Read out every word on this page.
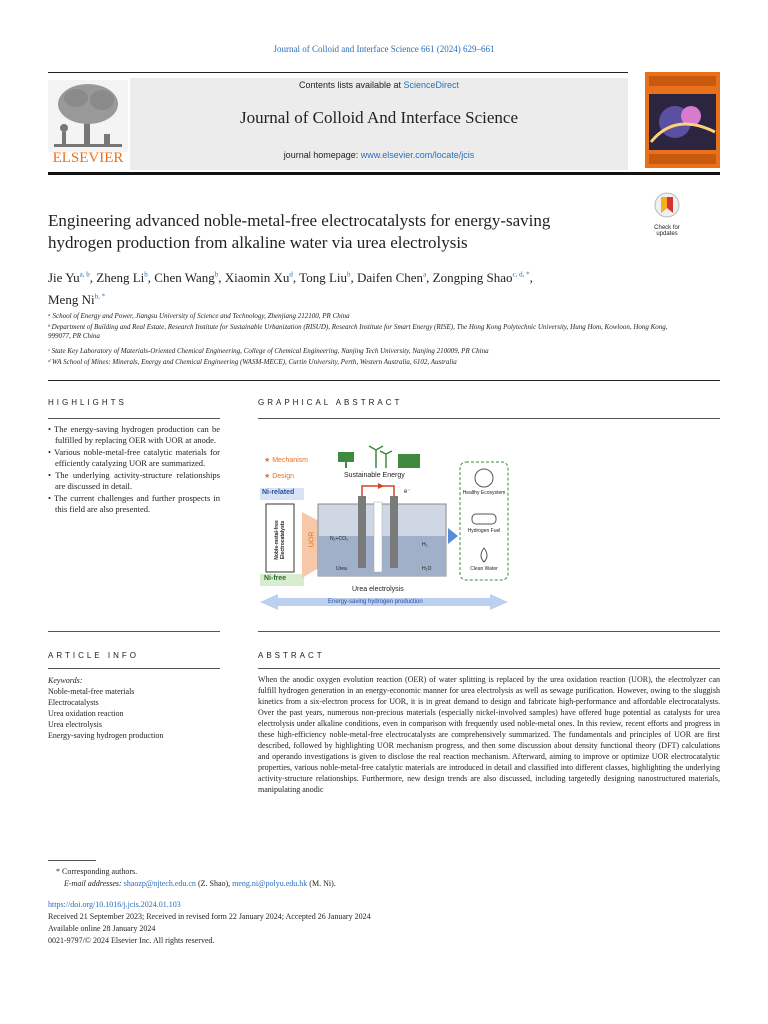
Journal of Colloid and Interface Science 661 (2024) 629–661
ELSEVIER
Contents lists available at ScienceDirect
Journal of Colloid And Interface Science
journal homepage: www.elsevier.com/locate/jcis
Engineering advanced noble-metal-free electrocatalysts for energy-saving hydrogen production from alkaline water via urea electrolysis
Check for updates
Jie Yu$^{a, b}$, Zheng Li$^b$, Chen Wang$^b$, Xiaomin Xu$^d$, Tong Liu$^b$, Daifen Chen$^a$, Zongping Shao$^{c, d, *}$,
Meng $Ni^{b, *}$
ᵃ School of Energy and Power, Jiangsu University of Science and Technology, Zhenjiang 212100, PR China
ᵇ Department of Building and Real Estate, Research Institute for Sustainable Urbanization (RISUD), Research Institute for Smart Energy (RISE), The Hong Kong Polytechnic University, Hung Hom, Kowloon, Hong Kong, 999077, PR China
ᶜ State Key Laboratory of Materials-Oriented Chemical Engineering, College of Chemical Engineering, Nanjing Tech University, Nanjing 210009, PR China
ᵈ WA School of Mines: Minerals, Energy and Chemical Engineering (WASM-MECE), Curtin University, Perth, Western Australia, 6102, Australia
HIGHLIGHTS

• The energy-saving hydrogen production can be fulfilled by replacing OER with UOR at anode.

• Various noble-metal-free catalytic materials for efficiently catalyzing UOR are summarized.

• The underlying activity-structure relationships are discussed in detail.

• The current challenges and further prospects in this field are also presented.

GRAPHICAL ABSTRACT
★ Mechanism
★ Design	Sustainable Energy
Ni-related
Ni-free
Noble-metal-free Electrocatalysts	UOR
e⁻
N₂+CO₂
Urea
H₂
H₂O
Urea electrolysis
Energy-saving hydrogen production
Healthy Ecosystem
Hydrogen Fuel
Clean Water
ARTICLE INFO
Keywords:
Noble-metal-free materials
Electrocatalysts
Urea oxidation reaction
Urea electrolysis
Energy-saving hydrogen production
ABSTRACT
When the anodic oxygen evolution reaction (OER) of water splitting is replaced by the urea oxidation reaction (UOR), the electrolyzer can fulfill hydrogen generation in an energy-economic manner for urea electrolysis as well as sewage purification. However, owing to the sluggish kinetics from a six-electron process for UOR, it is in great demand to design and fabricate high-performance and affordable electrocatalysts. Over the past years, numerous non-precious materials (especially nickel-involved samples) have offered huge potential as catalysts for urea electrolysis under alkaline conditions, even in comparison with frequently used noble-metal ones. In this review, recent efforts and progress in these high-efficiency noble-metal-free electrocatalysts are comprehensively summarized. The fundamentals and principles of UOR are first described, followed by highlighting UOR mechanism progress, and then some discussion about density functional theory (DFT) calculations and operando investigations is given to disclose the real reaction mechanism. Afterward, aiming to improve or optimize UOR electrocatalytic properties, various noble-metal-free catalytic materials are introduced in detail and classified into different classes, highlighting the underlying activity-structure relationships. Furthermore, new design trends are also discussed, including targetedly designing nanostructured materials, manipulating anodic
* Corresponding authors.
E-mail addresses: shaozp@njtech.edu.cn (Z. Shao), meng.ni@polyu.edu.hk (M. Ni).
https://doi.org/10.1016/j.jcis.2024.01.103
Received 21 September 2023; Received in revised form 22 January 2024; Accepted 26 January 2024
Available online 28 January 2024
0021-9797/© 2024 Elsevier Inc. All rights reserved.
